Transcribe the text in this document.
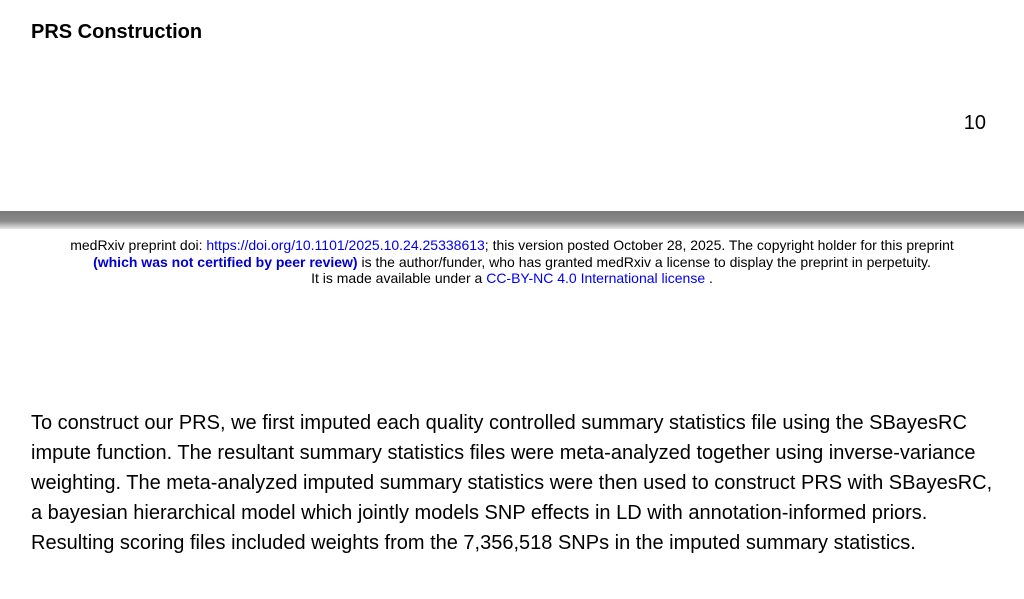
PRS Construction
10
medRxiv preprint doi: https://doi.org/10.1101/2025.10.24.25338613; this version posted October 28, 2025. The copyright holder for this preprint
(which was not certified by peer review) is the author/funder, who has granted medRxiv a license to display the preprint in perpetuity.
It is made available under a CC-BY-NC 4.0 International license .

To construct our PRS, we first imputed each quality controlled summary statistics file using the SBayesRC impute function. The resultant summary statistics files were meta-analyzed together using inverse-variance weighting. The meta-analyzed imputed summary statistics were then used to construct PRS with SBayesRC, a bayesian hierarchical model which jointly models SNP effects in LD with annotation-informed priors. Resulting scoring files included weights from the 7,356,518 SNPs in the imputed summary statistics.
